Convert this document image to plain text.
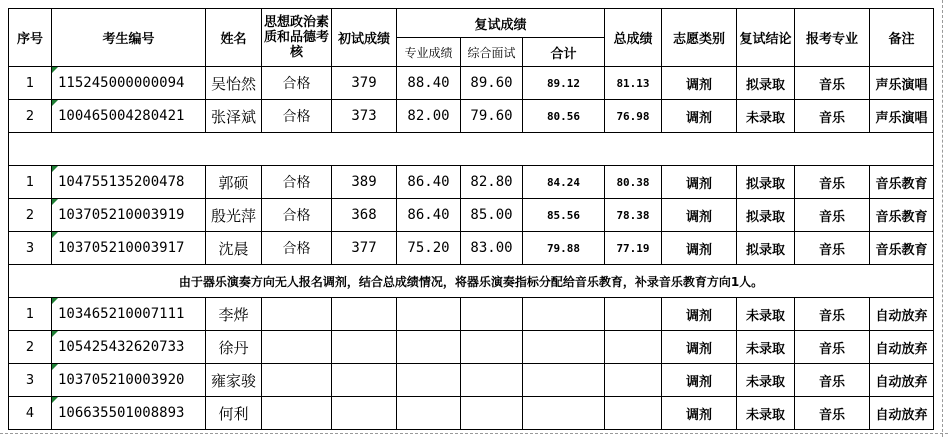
序号	考生编号	姓名	思想政治素质和品德考核	初试成绩	复试成绩			总成绩	志愿类别	复试结论	报考专业	备注
					专业成绩	综合面试	合计					
1	115245000000094	吴怡然	合格	379	88.40	89.60	89.12	81.13	调剂	拟录取	音乐	声乐演唱
2	100465004280421	张泽斌	合格	373	82.00	79.60	80.56	76.98	调剂	未录取	音乐	声乐演唱

1	104755135200478	郭硕	合格	389	86.40	82.80	84.24	80.38	调剂	拟录取	音乐	音乐教育
2	103705210003919	殷光萍	合格	368	86.40	85.00	85.56	78.38	调剂	拟录取	音乐	音乐教育
3	103705210003917	沈晨	合格	377	75.20	83.00	79.88	77.19	调剂	拟录取	音乐	音乐教育
由于器乐演奏方向无人报名调剂，结合总成绩情况，将器乐演奏指标分配给音乐教育，补录音乐教育方向1人。												
1	103465210007111	李烨							调剂	未录取	音乐	自动放弃
2	105425432620733	徐丹							调剂	未录取	音乐	自动放弃
3	103705210003920	雍家骏							调剂	未录取	音乐	自动放弃
4	106635501008893	何利							调剂	未录取	音乐	自动放弃
